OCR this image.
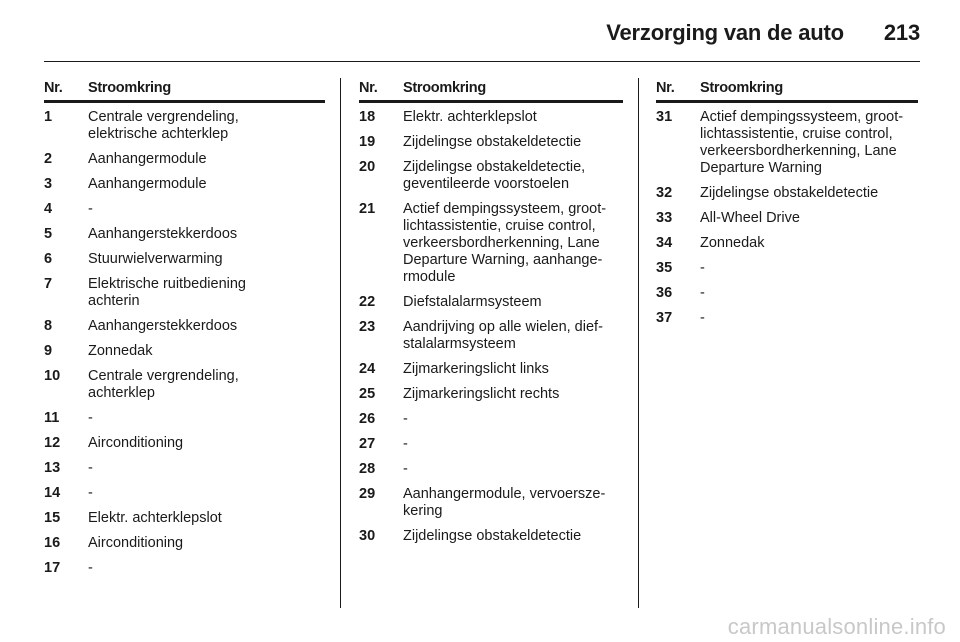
Verzorging van de auto 213
Nr.	Stroomkring
1	Centrale vergrendeling,
elektrische achterklep
2	Aanhangermodule
3	Aanhangermodule
4	-
5	Aanhangerstekkerdoos
6	Stuurwielverwarming
7	Elektrische ruitbediening
achterin
8	Aanhangerstekkerdoos
9	Zonnedak
10	Centrale vergrendeling,
achterklep
11	-
12	Airconditioning
13	-
14	-
15	Elektr. achterklepslot
16	Airconditioning
17	-
Nr.	Stroomkring
18	Elektr. achterklepslot
19	Zijdelingse obstakeldetectie
20	Zijdelingse obstakeldetectie,
geventileerde voorstoelen
21	Actief dempingssysteem, groot-
lichtassistentie, cruise control,
verkeersbordherkenning, Lane
Departure Warning, aanhange-
rmodule
22	Diefstalalarmsysteem
23	Aandrijving op alle wielen, dief-
stalalarmsysteem
24	Zijmarkeringslicht links
25	Zijmarkeringslicht rechts
26	-
27	-
28	-
29	Aanhangermodule, vervoersze-
kering
30	Zijdelingse obstakeldetectie
Nr.	Stroomkring
31	Actief dempingssysteem, groot-
lichtassistentie, cruise control,
verkeersbordherkenning, Lane
Departure Warning
32	Zijdelingse obstakeldetectie
33	All-Wheel Drive
34	Zonnedak
35	-
36	-
37	-
carmanualsonline.info
